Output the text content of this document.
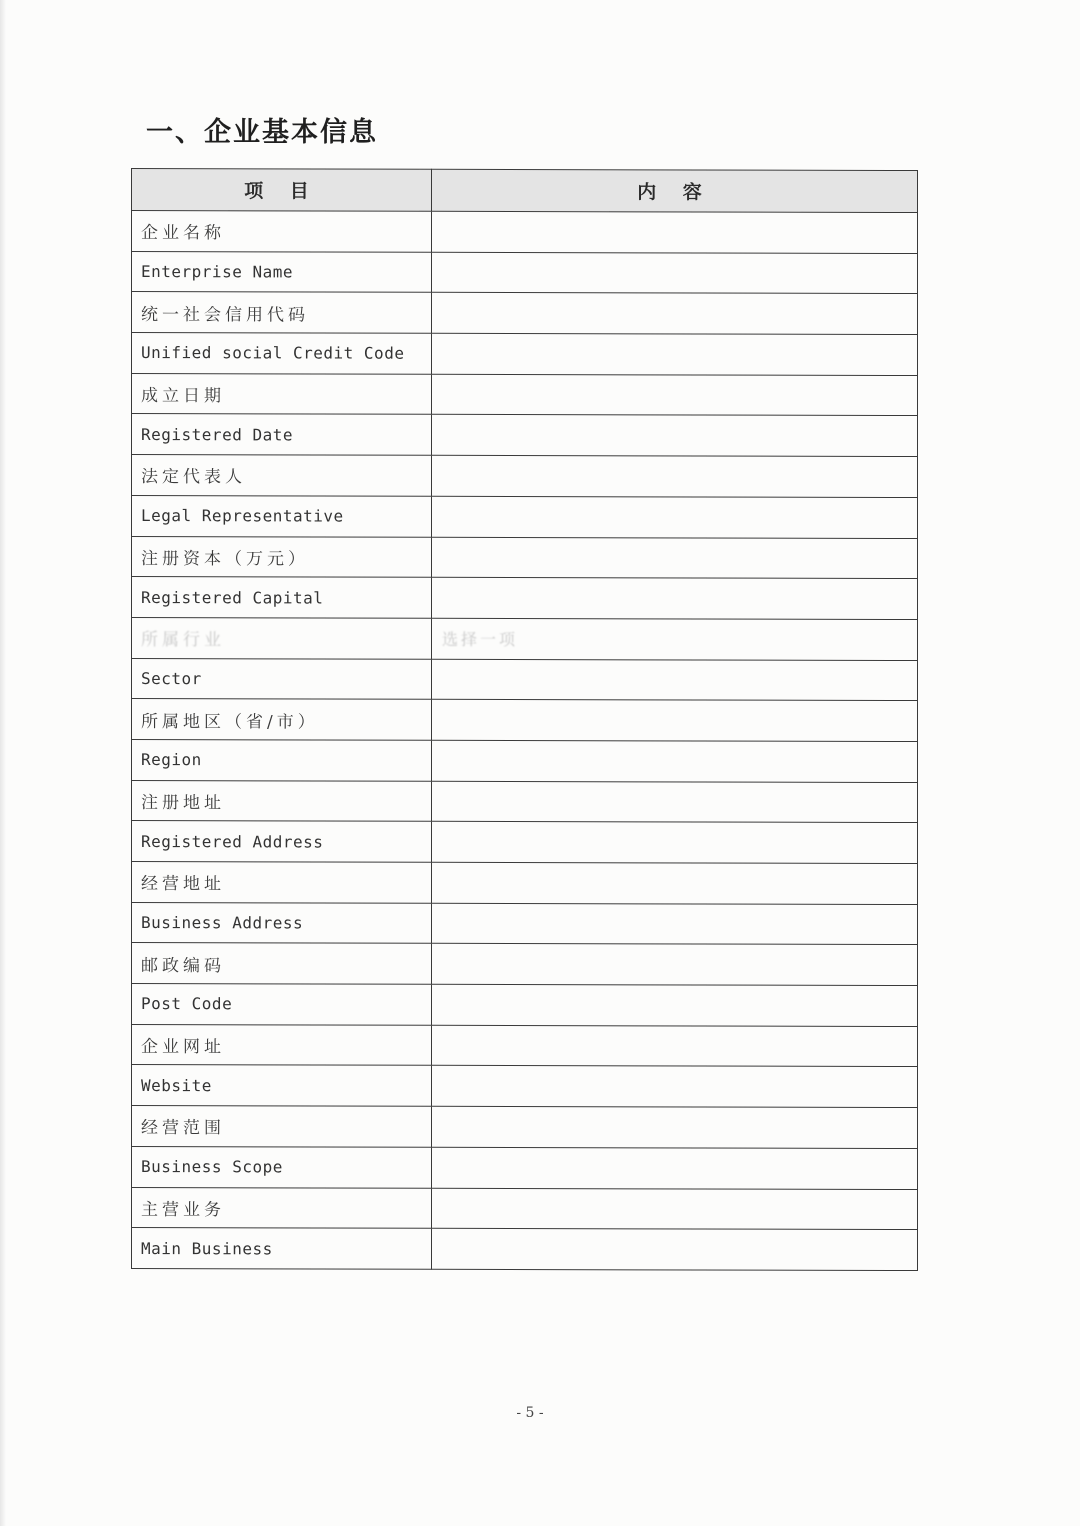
一、企业基本信息
项 目	内 容
企业名称	
Enterprise Name	
统一社会信用代码	
Unified social Credit Code	
成立日期	
Registered Date	
法定代表人	
Legal Representative	
注册资本（万元）	
Registered Capital	
所属行业	选择一项
Sector	
所属地区（省/市）	
Region	
注册地址	
Registered Address	
经营地址	
Business Address	
邮政编码	
Post Code	
企业网址	
Website	
经营范围	
Business Scope	
主营业务	
Main Business	
- 5 -
